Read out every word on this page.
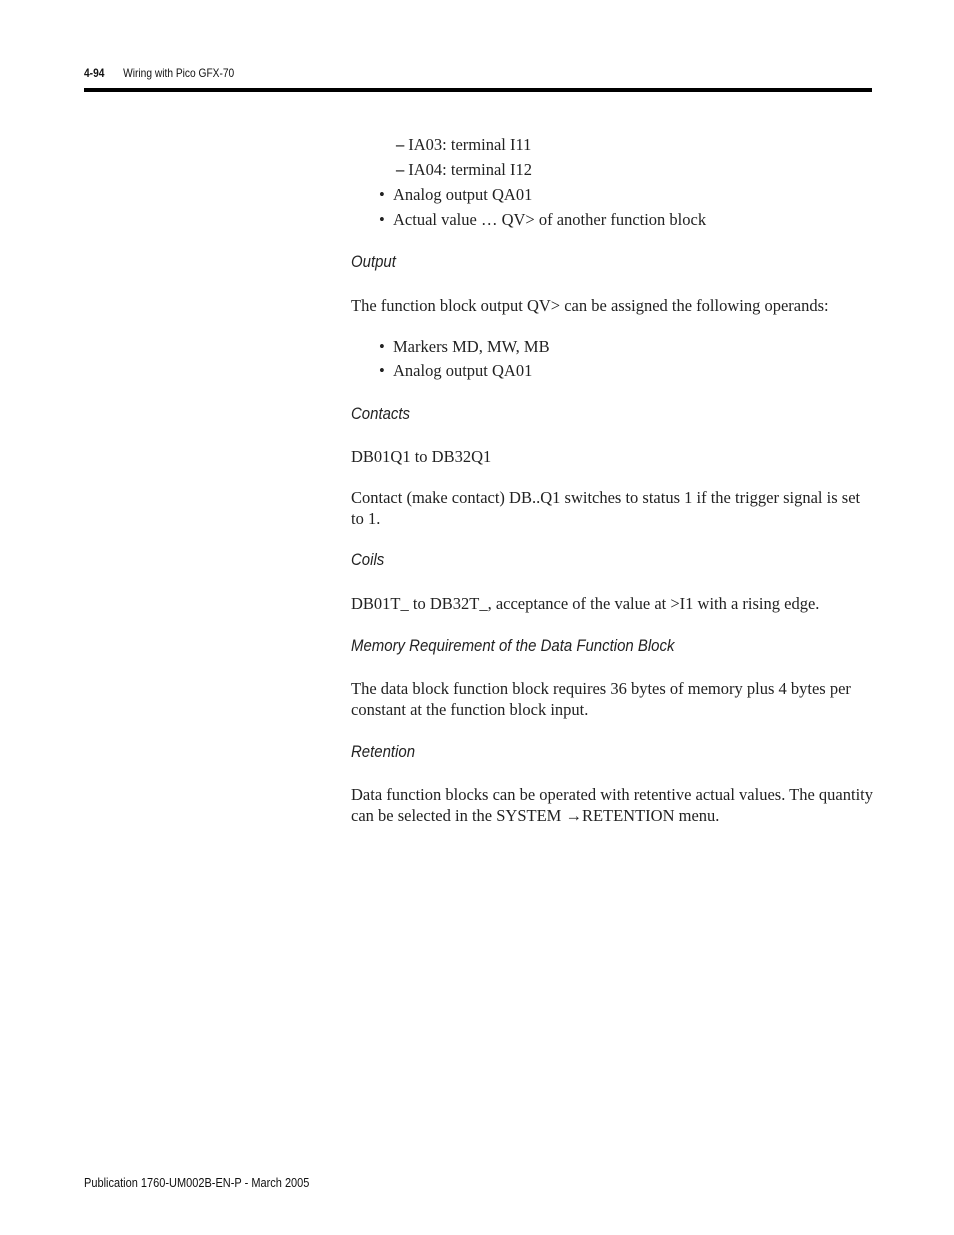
4-94 Wiring with Pico GFX-70
– IA03: terminal I11
– IA04: terminal I12
• Analog output QA01
• Actual value … QV> of another function block
Output
The function block output QV> can be assigned the following operands:
• Markers MD, MW, MB
• Analog output QA01
Contacts
DB01Q1 to DB32Q1
Contact (make contact) DB..Q1 switches to status 1 if the trigger signal is set to 1.
Coils
DB01T_ to DB32T_, acceptance of the value at >I1 with a rising edge.
Memory Requirement of the Data Function Block
The data block function block requires 36 bytes of memory plus 4 bytes per constant at the function block input.
Retention
Data function blocks can be operated with retentive actual values. The quantity can be selected in the SYSTEM →RETENTION menu.
Publication 1760-UM002B-EN-P - March 2005
